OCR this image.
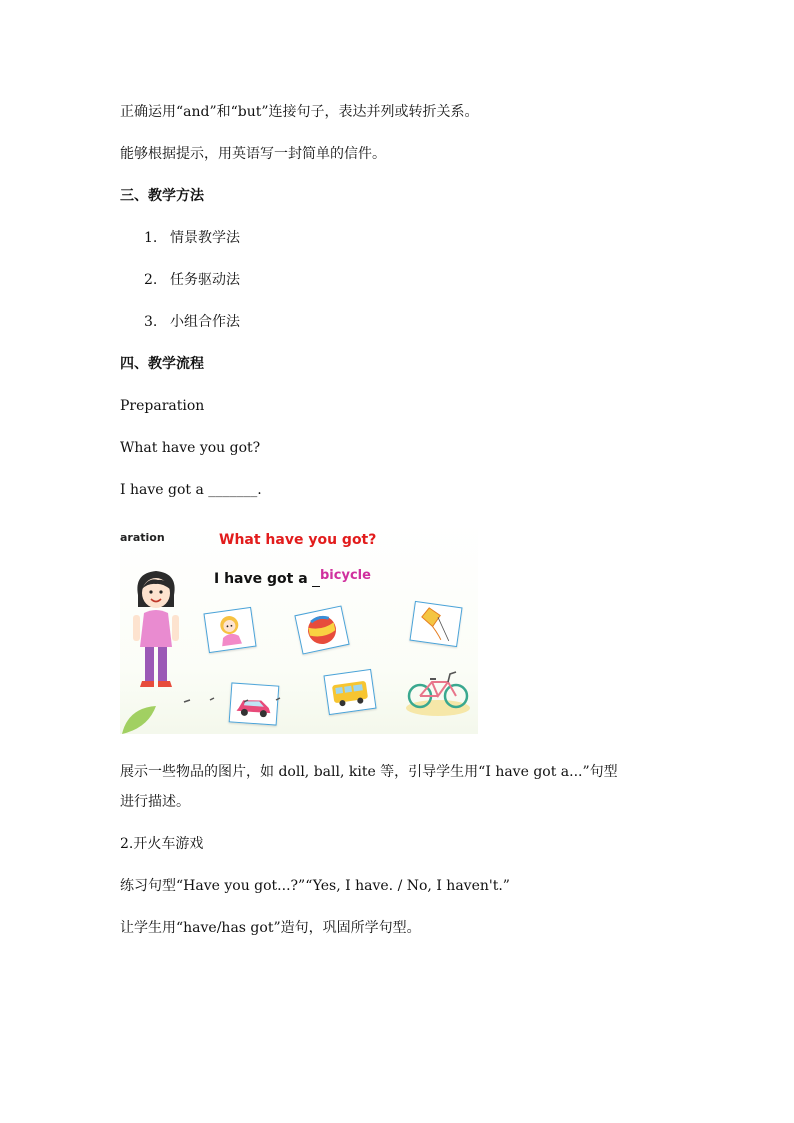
正确运用“and”和“but”连接句子，表达并列或转折关系。
能够根据提示，用英语写一封简单的信件。
三、教学方法
1. 情景教学法
2. 任务驱动法
3. 小组合作法
四、教学流程
Preparation
What have you got?
I have got a _______.
aration	What have you got?
I have got a bicycle
展示一些物品的图片，如 doll, ball, kite 等，引导学生用“I have got a...”句型
进行描述。
2.开火车游戏
练习句型“Have you got...?”“Yes, I have. / No, I haven't.”
让学生用“have/has got”造句，巩固所学句型。
